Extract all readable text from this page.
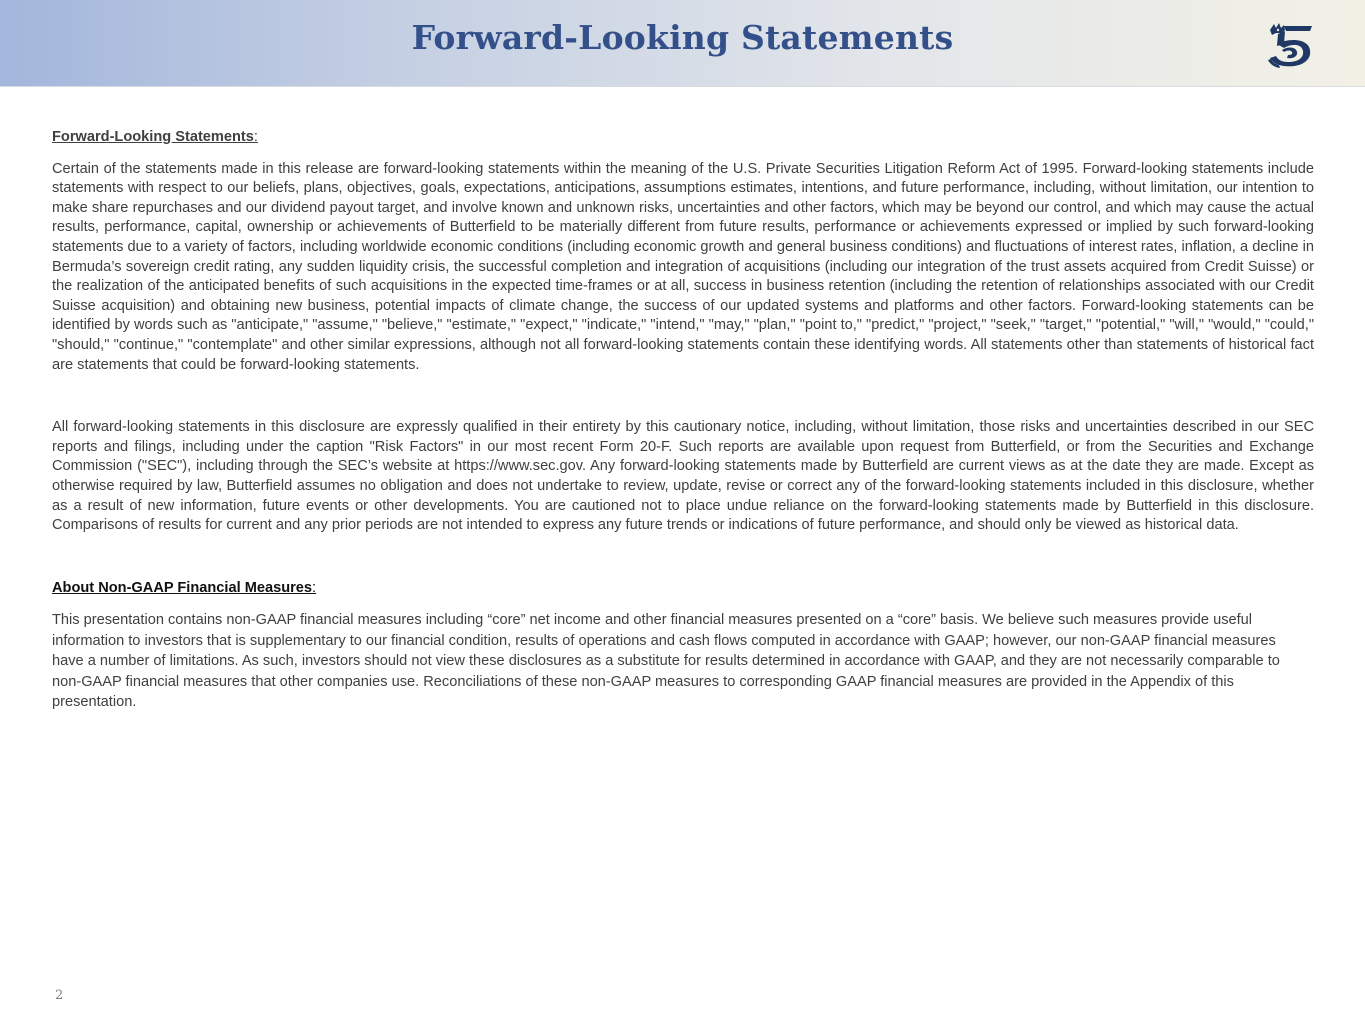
Forward-Looking Statements
Forward-Looking Statements:

Certain of the statements made in this release are forward-looking statements within the meaning of the U.S. Private Securities Litigation Reform Act of 1995. Forward-looking statements include statements with respect to our beliefs, plans, objectives, goals, expectations, anticipations, assumptions estimates, intentions, and future performance, including, without limitation, our intention to make share repurchases and our dividend payout target, and involve known and unknown risks, uncertainties and other factors, which may be beyond our control, and which may cause the actual results, performance, capital, ownership or achievements of Butterfield to be materially different from future results, performance or achievements expressed or implied by such forward-looking statements due to a variety of factors, including worldwide economic conditions (including economic growth and general business conditions) and fluctuations of interest rates, inflation, a decline in Bermuda’s sovereign credit rating, any sudden liquidity crisis, the successful completion and integration of acquisitions (including our integration of the trust assets acquired from Credit Suisse) or the realization of the anticipated benefits of such acquisitions in the expected time-frames or at all, success in business retention (including the retention of relationships associated with our Credit Suisse acquisition) and obtaining new business, potential impacts of climate change, the success of our updated systems and platforms and other factors. Forward-looking statements can be identified by words such as "anticipate," "assume," "believe," "estimate," "expect," "indicate," "intend," "may," "plan," "point to," "predict," "project," "seek," "target," "potential," "will," "would," "could," "should," "continue," "contemplate" and other similar expressions, although not all forward-looking statements contain these identifying words. All statements other than statements of historical fact are statements that could be forward-looking statements.

All forward-looking statements in this disclosure are expressly qualified in their entirety by this cautionary notice, including, without limitation, those risks and uncertainties described in our SEC reports and filings, including under the caption "Risk Factors" in our most recent Form 20-F. Such reports are available upon request from Butterfield, or from the Securities and Exchange Commission ("SEC"), including through the SEC’s website at https://www.sec.gov. Any forward-looking statements made by Butterfield are current views as at the date they are made. Except as otherwise required by law, Butterfield assumes no obligation and does not undertake to review, update, revise or correct any of the forward-looking statements included in this disclosure, whether as a result of new information, future events or other developments. You are cautioned not to place undue reliance on the forward-looking statements made by Butterfield in this disclosure. Comparisons of results for current and any prior periods are not intended to express any future trends or indications of future performance, and should only be viewed as historical data.

About Non-GAAP Financial Measures:

This presentation contains non-GAAP financial measures including “core” net income and other financial measures presented on a “core” basis. We believe such measures provide useful information to investors that is supplementary to our financial condition, results of operations and cash flows computed in accordance with GAAP; however, our non-GAAP financial measures have a number of limitations. As such, investors should not view these disclosures as a substitute for results determined in accordance with GAAP, and they are not necessarily comparable to non-GAAP financial measures that other companies use. Reconciliations of these non-GAAP measures to corresponding GAAP financial measures are provided in the Appendix of this presentation.

2
